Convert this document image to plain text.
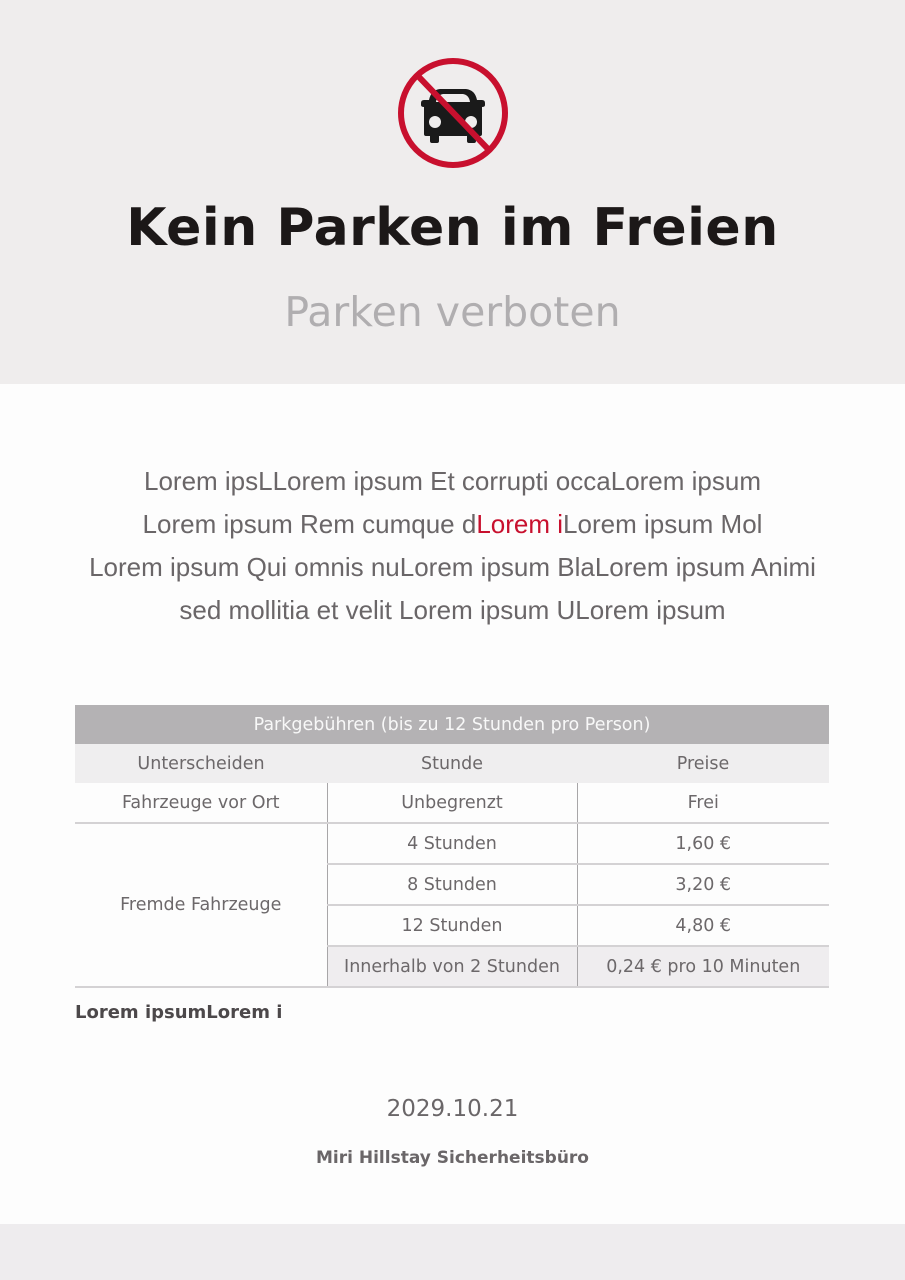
Kein Parken im Freien
Parken verboten
Lorem ipsLLorem ipsum Et corrupti occaLorem ipsum
Lorem ipsum Rem cumque dLorem iLorem ipsum Mol
Lorem ipsum Qui omnis nuLorem ipsum BlaLorem ipsum Animi
sed mollitia et velit Lorem ipsum ULorem ipsum
Parkgebühren (bis zu 12 Stunden pro Person)		
Unterscheiden	Stunde	Preise
Fahrzeuge vor Ort	Unbegrenzt	Frei
Fremde Fahrzeuge	4 Stunden	1,60 €
	8 Stunden	3,20 €
	12 Stunden	4,80 €
	Innerhalb von 2 Stunden	0,24 € pro 10 Minuten
Lorem ipsumLorem i
2029.10.21
Miri Hillstay Sicherheitsbüro
